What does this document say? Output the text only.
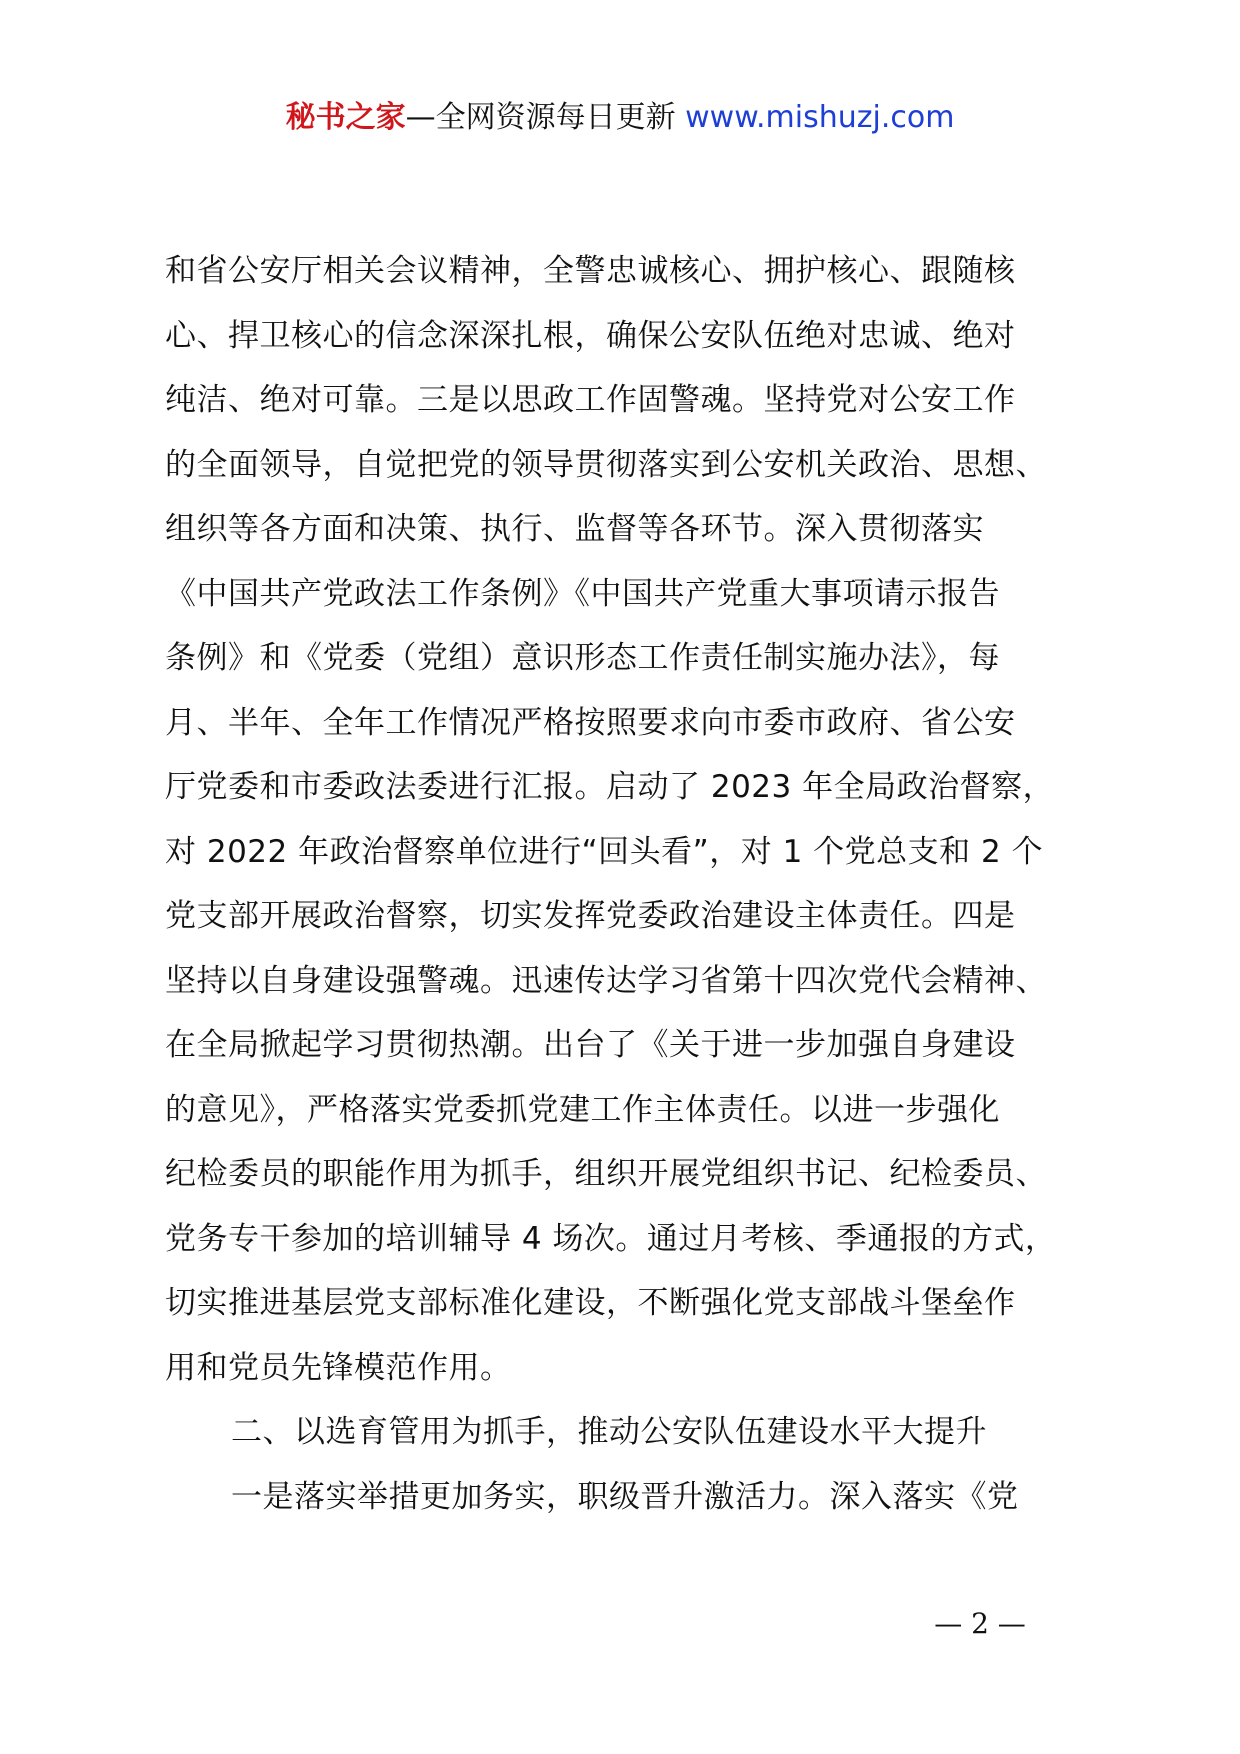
秘书之家—全网资源每日更新 www.mishuzj.com
和省公安厅相关会议精神，全警忠诚核心、拥护核心、跟随核
心、捍卫核心的信念深深扎根，确保公安队伍绝对忠诚、绝对
纯洁、绝对可靠。三是以思政工作固警魂。坚持党对公安工作
的全面领导，自觉把党的领导贯彻落实到公安机关政治、思想、
组织等各方面和决策、执行、监督等各环节。深入贯彻落实
《中国共产党政法工作条例》《中国共产党重大事项请示报告
条例》和《党委（党组）意识形态工作责任制实施办法》，每
月、半年、全年工作情况严格按照要求向市委市政府、省公安
厅党委和市委政法委进行汇报。启动了 2023 年全局政治督察，
对 2022 年政治督察单位进行“回头看”，对 1 个党总支和 2 个
党支部开展政治督察，切实发挥党委政治建设主体责任。四是
坚持以自身建设强警魂。迅速传达学习省第十四次党代会精神、
在全局掀起学习贯彻热潮。出台了《关于进一步加强自身建设
的意见》，严格落实党委抓党建工作主体责任。以进一步强化
纪检委员的职能作用为抓手，组织开展党组织书记、纪检委员、
党务专干参加的培训辅导 4 场次。通过月考核、季通报的方式，
切实推进基层党支部标准化建设，不断强化党支部战斗堡垒作
用和党员先锋模范作用。
二、以选育管用为抓手，推动公安队伍建设水平大提升
一是落实举措更加务实，职级晋升激活力。深入落实《党
— 2 —
